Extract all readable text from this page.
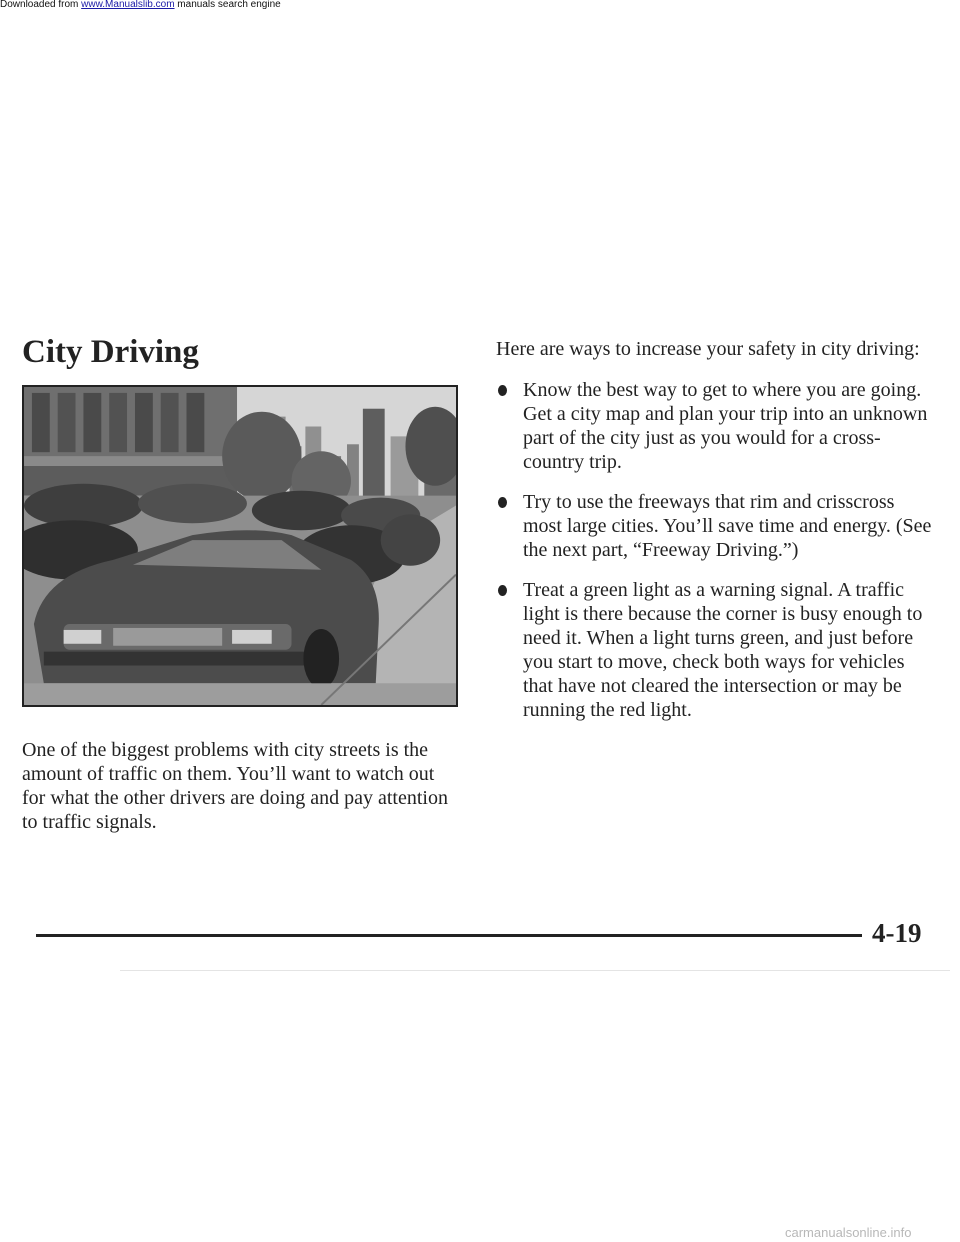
Downloaded from www.Manualslib.com manuals search engine
City Driving

One of the biggest problems with city streets is the amount of traffic on them. You’ll want to watch out for what the other drivers are doing and pay attention to traffic signals.

Here are ways to increase your safety in city driving:

Know the best way to get to where you are going. Get a city map and plan your trip into an unknown part of the city just as you would for a cross-country trip.
Try to use the freeways that rim and crisscross most large cities. You’ll save time and energy. (See the next part, “Freeway Driving.”)
Treat a green light as a warning signal. A traffic light is there because the corner is busy enough to need it. When a light turns green, and just before you start to move, check both ways for vehicles that have not cleared the intersection or may be running the red light.
4-19
carmanualsonline.info
